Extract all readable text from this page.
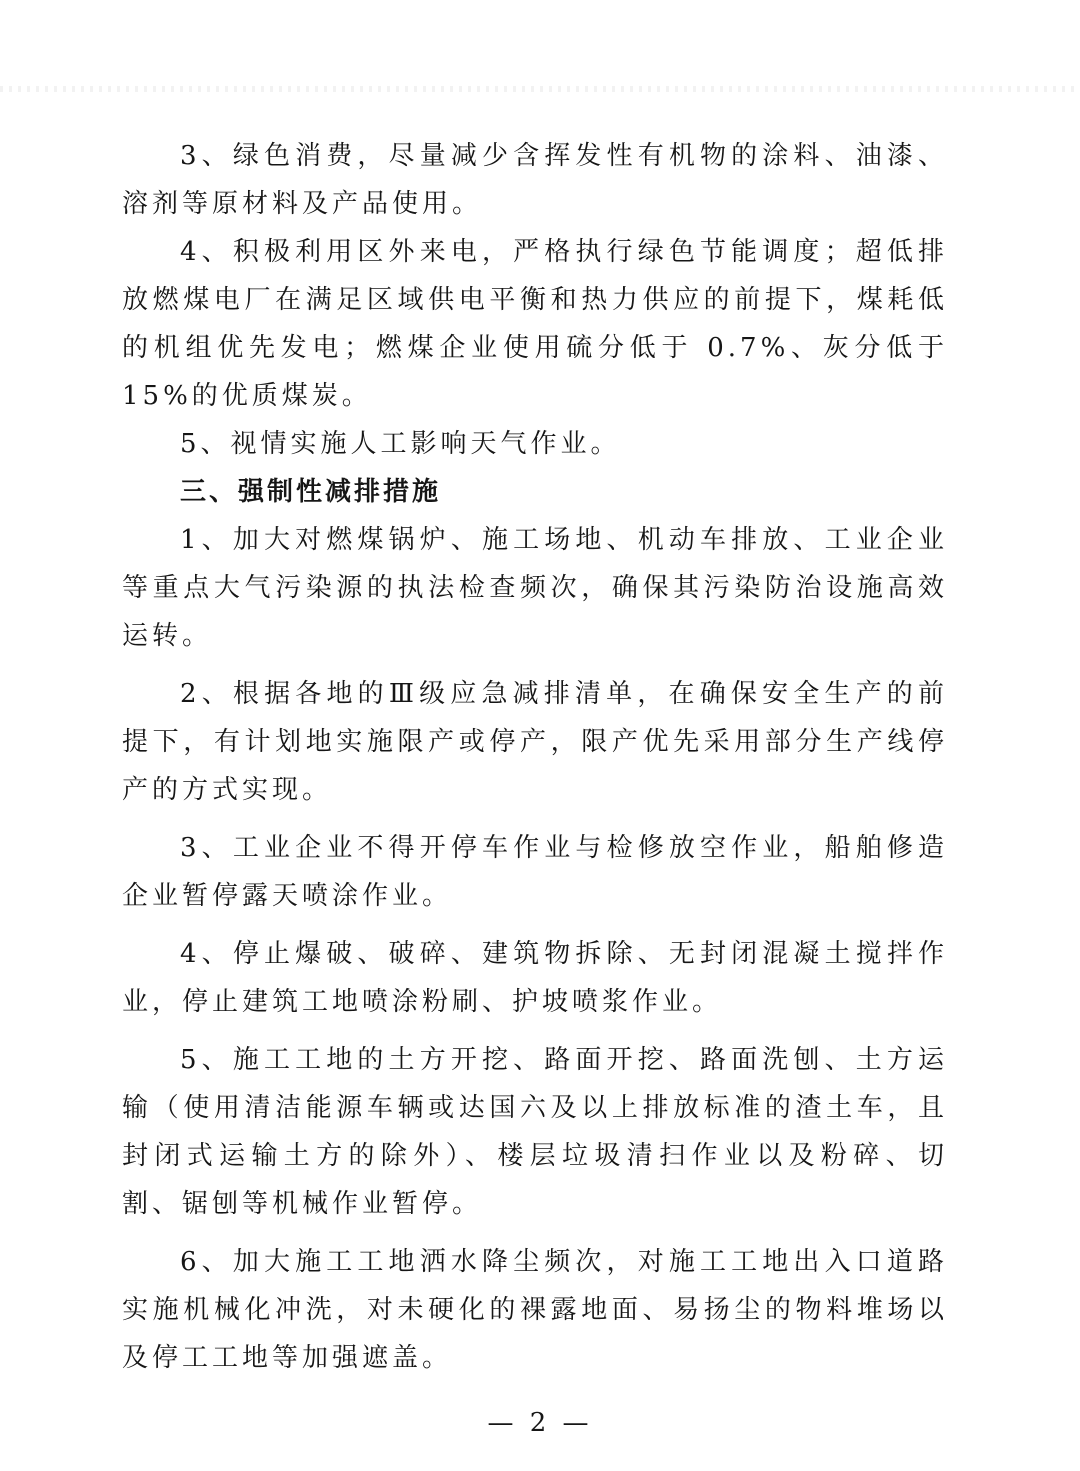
3、绿色消费，尽量减少含挥发性有机物的涂料、油漆、溶剂等原材料及产品使用。

4、积极利用区外来电，严格执行绿色节能调度；超低排放燃煤电厂在满足区域供电平衡和热力供应的前提下，煤耗低的机组优先发电；燃煤企业使用硫分低于 0.7%、灰分低于 15%的优质煤炭。

5、视情实施人工影响天气作业。

三、强制性减排措施

1、加大对燃煤锅炉、施工场地、机动车排放、工业企业等重点大气污染源的执法检查频次，确保其污染防治设施高效运转。

2、根据各地的Ⅲ级应急减排清单，在确保安全生产的前提下，有计划地实施限产或停产，限产优先采用部分生产线停产的方式实现。

3、工业企业不得开停车作业与检修放空作业，船舶修造企业暂停露天喷涂作业。

4、停止爆破、破碎、建筑物拆除、无封闭混凝土搅拌作业，停止建筑工地喷涂粉刷、护坡喷浆作业。

5、施工工地的土方开挖、路面开挖、路面洗刨、土方运输（使用清洁能源车辆或达国六及以上排放标准的渣土车，且封闭式运输土方的除外）、楼层垃圾清扫作业以及粉碎、切割、锯刨等机械作业暂停。

6、加大施工工地洒水降尘频次，对施工工地出入口道路实施机械化冲洗，对未硬化的裸露地面、易扬尘的物料堆场以及停工工地等加强遮盖。

— 2 —
